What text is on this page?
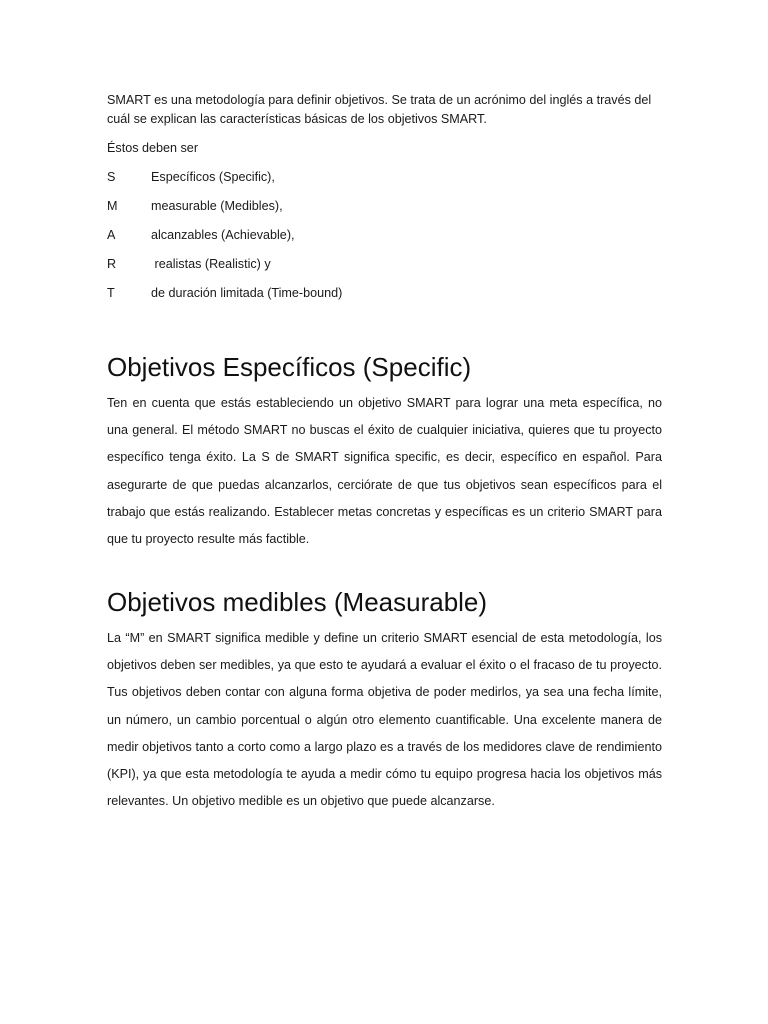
SMART es una metodología para definir objetivos. Se trata de un acrónimo del inglés a través del cuál se explican las características básicas de los objetivos SMART.

Éstos deben ser

S	Específicos (Specific),
M	measurable (Medibles),
A	alcanzables (Achievable),
R	realistas (Realistic) y
T	de duración limitada (Time-bound)
Objetivos Específicos (Specific)

Ten en cuenta que estás estableciendo un objetivo SMART para lograr una meta específica, no una general. El método SMART no buscas el éxito de cualquier iniciativa, quieres que tu proyecto específico tenga éxito. La S de SMART significa specific, es decir, específico en español. Para asegurarte de que puedas alcanzarlos, cerciórate de que tus objetivos sean específicos para el trabajo que estás realizando. Establecer metas concretas y específicas es un criterio SMART para que tu proyecto resulte más factible.

Objetivos medibles (Measurable)

La “M” en SMART significa medible y define un criterio SMART esencial de esta metodología, los objetivos deben ser medibles, ya que esto te ayudará a evaluar el éxito o el fracaso de tu proyecto. Tus objetivos deben contar con alguna forma objetiva de poder medirlos, ya sea una fecha límite, un número, un cambio porcentual o algún otro elemento cuantificable. Una excelente manera de medir objetivos tanto a corto como a largo plazo es a través de los medidores clave de rendimiento (KPI), ya que esta metodología te ayuda a medir cómo tu equipo progresa hacia los objetivos más relevantes. Un objetivo medible es un objetivo que puede alcanzarse.
